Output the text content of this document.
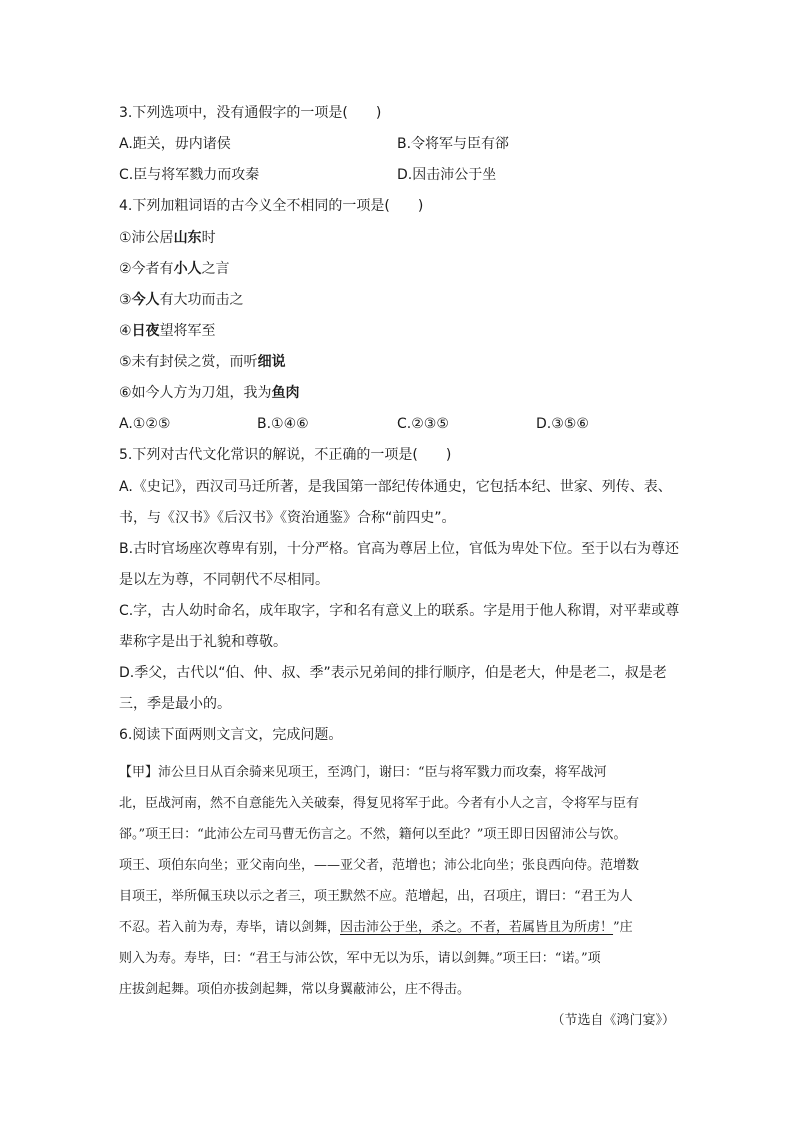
3.下列选项中，没有通假字的一项是(　　)
A.距关，毋内诸侯	B.令将军与臣有郤
C.臣与将军戮力而攻秦	D.因击沛公于坐
4.下列加粗词语的古今义全不相同的一项是(　　)
①沛公居山东时
②今者有小人之言
③今人有大功而击之
④日夜望将军至
⑤未有封侯之赏，而听细说
⑥如今人方为刀俎，我为鱼肉
A.①②⑤	B.①④⑥	C.②③⑤	D.③⑤⑥
5.下列对古代文化常识的解说，不正确的一项是(　　)
A.《史记》，西汉司马迁所著，是我国第一部纪传体通史，它包括本纪、世家、列传、表、
书，与《汉书》《后汉书》《资治通鉴》合称“前四史”。
B.古时官场座次尊卑有别，十分严格。官高为尊居上位，官低为卑处下位。至于以右为尊还
是以左为尊，不同朝代不尽相同。
C.字，古人幼时命名，成年取字，字和名有意义上的联系。字是用于他人称谓，对平辈或尊
辈称字是出于礼貌和尊敬。
D.季父，古代以“伯、仲、叔、季”表示兄弟间的排行顺序，伯是老大，仲是老二，叔是老
三，季是最小的。
6.阅读下面两则文言文，完成问题。
【甲】沛公旦日从百余骑来见项王，至鸿门，谢曰：“臣与将军戮力而攻秦，将军战河
北，臣战河南，然不自意能先入关破秦，得复见将军于此。今者有小人之言，令将军与臣有
郤。”项王曰：“此沛公左司马曹无伤言之。不然，籍何以至此？”项王即日因留沛公与饮。
项王、项伯东向坐；亚父南向坐，——亚父者，范增也；沛公北向坐；张良西向侍。范增数
目项王，举所佩玉玦以示之者三，项王默然不应。范增起，出，召项庄，谓曰：“君王为人
不忍。若入前为寿，寿毕，请以剑舞，因击沛公于坐，杀之。不者，若属皆且为所虏！”庄
则入为寿。寿毕，曰：“君王与沛公饮，军中无以为乐，请以剑舞。”项王曰：“诺。”项
庄拔剑起舞。项伯亦拔剑起舞，常以身翼蔽沛公，庄不得击。
（节选自《鸿门宴》）
